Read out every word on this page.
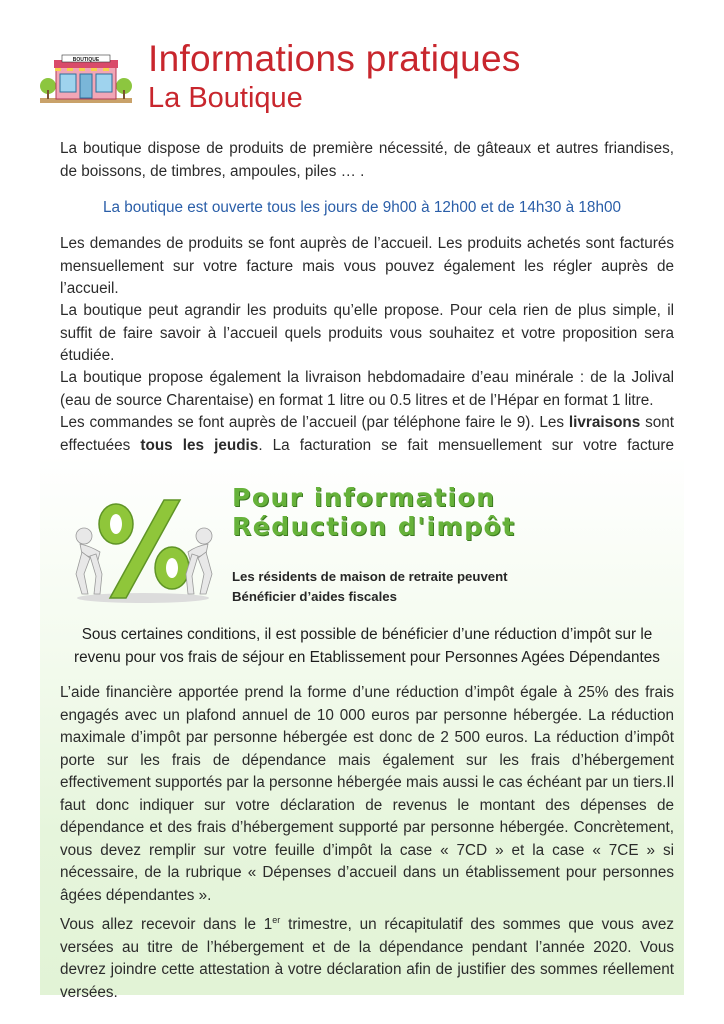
BOUTIQUE Informations pratiques
La Boutique

La boutique dispose de produits de première nécessité, de gâteaux et autres friandises, de boissons, de timbres, ampoules, piles … .

La boutique est ouverte tous les jours de 9h00 à 12h00 et de 14h30 à 18h00

Les demandes de produits se font auprès de l’accueil. Les produits achetés sont facturés mensuellement sur votre facture mais vous pouvez également les régler auprès de l’accueil.

La boutique peut agrandir les produits qu’elle propose. Pour cela rien de plus simple, il suffit de faire savoir à l’accueil quels produits vous souhaitez et votre proposition sera étudiée.

La boutique propose également la livraison hebdomadaire d’eau minérale : de la Jolival (eau de source Charentaise) en format 1 litre ou 0.5 litres et de l’Hépar en format 1 litre.

Les commandes se font auprès de l’accueil (par téléphone faire le 9). Les livraisons sont effectuées tous les jeudis. La facturation se fait mensuellement sur votre facture

Pour information
Réduction d'impôt
Les résidents de maison de retraite peuvent
Bénéficier d’aides fiscales
Sous certaines conditions, il est possible de bénéficier d’une réduction d’impôt sur le revenu pour vos frais de séjour en Etablissement pour Personnes Agées Dépendantes

L’aide financière apportée prend la forme d’une réduction d’impôt égale à 25% des frais engagés avec un plafond annuel de 10 000 euros par personne hébergée. La réduction maximale d’impôt par personne hébergée est donc de 2 500 euros. La réduction d’impôt porte sur les frais de dépendance mais également sur les frais d’hébergement effectivement supportés par la personne hébergée mais aussi le cas échéant par un tiers.Il faut donc indiquer sur votre déclaration de revenus le montant des dépenses de dépendance et des frais d’hébergement supporté par personne hébergée. Concrètement, vous devez remplir sur votre feuille d’impôt la case « 7CD » et la case « 7CE » si nécessaire, de la rubrique « Dépenses d’accueil dans un établissement pour personnes âgées dépendantes ».

Vous allez recevoir dans le 1er trimestre, un récapitulatif des sommes que vous avez versées au titre de l’hébergement et de la dépendance pendant l’année 2020. Vous devrez joindre cette attestation à votre déclaration afin de justifier des sommes réellement versées.
